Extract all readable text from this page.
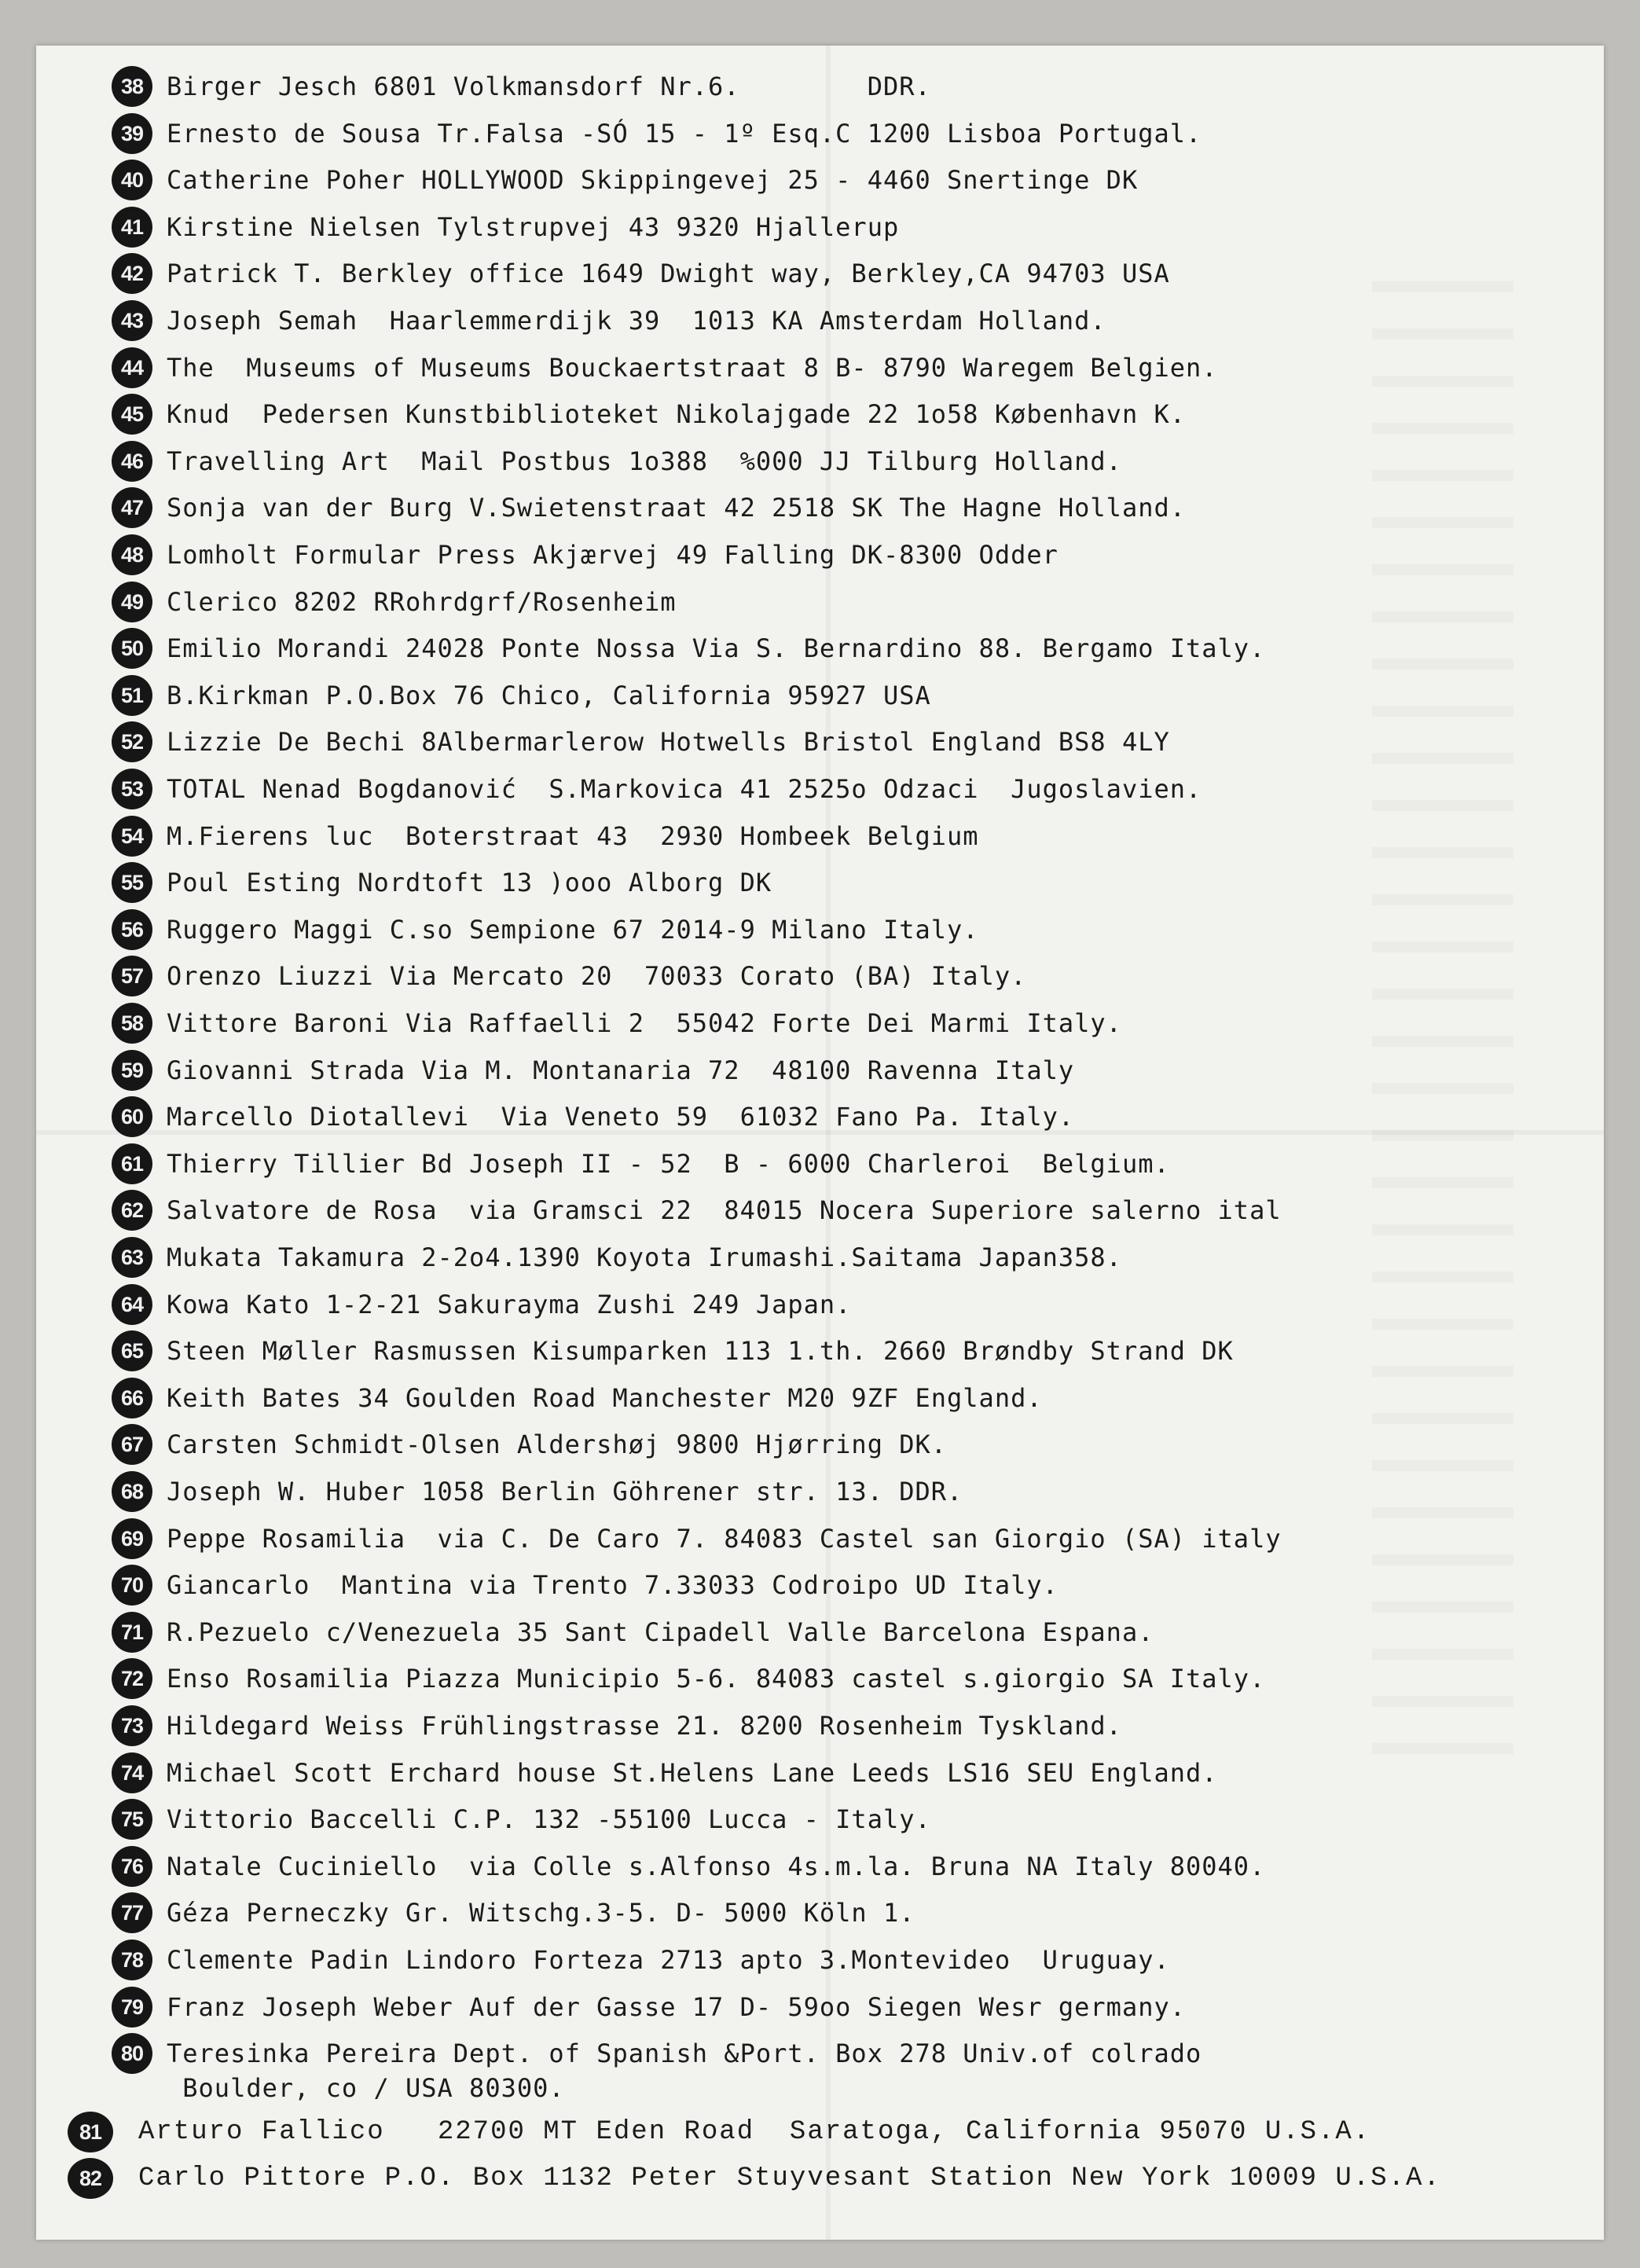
38 Birger Jesch 6801 Volkmansdorf Nr.6.        DDR.
39 Ernesto de Sousa Tr.Falsa -SÓ 15 - 1º Esq.C 1200 Lisboa Portugal.
40 Catherine Poher HOLLYWOOD Skippingevej 25 - 4460 Snertinge DK
41 Kirstine Nielsen Tylstrupvej 43 9320 Hjallerup
42 Patrick T. Berkley office 1649 Dwight way, Berkley,CA 94703 USA
43 Joseph Semah  Haarlemmerdijk 39  1013 KA Amsterdam Holland.
44 The  Museums of Museums Bouckaertstraat 8 B- 8790 Waregem Belgien.
45 Knud  Pedersen Kunstbiblioteket Nikolajgade 22 1o58 København K.
46 Travelling Art  Mail Postbus 1o388  %000 JJ Tilburg Holland.
47 Sonja van der Burg V.Swietenstraat 42 2518 SK The Hagne Holland.
48 Lomholt Formular Press Akjærvej 49 Falling DK-8300 Odder
49 Clerico 8202 RRohrdgrf/Rosenheim
50 Emilio Morandi 24028 Ponte Nossa Via S. Bernardino 88. Bergamo Italy.
51 B.Kirkman P.O.Box 76 Chico, California 95927 USA
52 Lizzie De Bechi 8Albermarlerow Hotwells Bristol England BS8 4LY
53 TOTAL Nenad Bogdanović  S.Markovica 41 2525o Odzaci  Jugoslavien.
54 M.Fierens luc  Boterstraat 43  2930 Hombeek Belgium
55 Poul Esting Nordtoft 13 )ooo Alborg DK
56 Ruggero Maggi C.so Sempione 67 2014-9 Milano Italy.
57 Orenzo Liuzzi Via Mercato 20  70033 Corato (BA) Italy.
58 Vittore Baroni Via Raffaelli 2  55042 Forte Dei Marmi Italy.
59 Giovanni Strada Via M. Montanaria 72  48100 Ravenna Italy
60 Marcello Diotallevi  Via Veneto 59  61032 Fano Pa. Italy.
61 Thierry Tillier Bd Joseph II - 52  B - 6000 Charleroi  Belgium.
62 Salvatore de Rosa  via Gramsci 22  84015 Nocera Superiore salerno ital
63 Mukata Takamura 2-2o4.1390 Koyota Irumashi.Saitama Japan358.
64 Kowa Kato 1-2-21 Sakurayma Zushi 249 Japan.
65 Steen Møller Rasmussen Kisumparken 113 1.th. 2660 Brøndby Strand DK
66 Keith Bates 34 Goulden Road Manchester M20 9ZF England.
67 Carsten Schmidt-Olsen Aldershøj 9800 Hjørring DK.
68 Joseph W. Huber 1058 Berlin Göhrener str. 13. DDR.
69 Peppe Rosamilia  via C. De Caro 7. 84083 Castel san Giorgio (SA) italy
70 Giancarlo  Mantina via Trento 7.33033 Codroipo UD Italy.
71 R.Pezuelo c/Venezuela 35 Sant Cipadell Valle Barcelona Espana.
72 Enso Rosamilia Piazza Municipio 5-6. 84083 castel s.giorgio SA Italy.
73 Hildegard Weiss Frühlingstrasse 21. 8200 Rosenheim Tyskland.
74 Michael Scott Erchard house St.Helens Lane Leeds LS16 SEU England.
75 Vittorio Baccelli C.P. 132 -55100 Lucca - Italy.
76 Natale Cuciniello  via Colle s.Alfonso 4s.m.la. Bruna NA Italy 80040.
77 Géza Perneczky Gr. Witschg.3-5. D- 5000 Köln 1.
78 Clemente Padin Lindoro Forteza 2713 apto 3.Montevideo  Uruguay.
79 Franz Joseph Weber Auf der Gasse 17 D- 59oo Siegen Wesr germany.
80 Teresinka Pereira Dept. of Spanish &Port. Box 278 Univ.of colrado
Boulder, co / USA 80300.
81	Arturo Fallico   22700 MT Eden Road  Saratoga, California 95070 U.S.A.
82	Carlo Pittore P.O. Box 1132 Peter Stuyvesant Station New York 10009 U.S.A.
